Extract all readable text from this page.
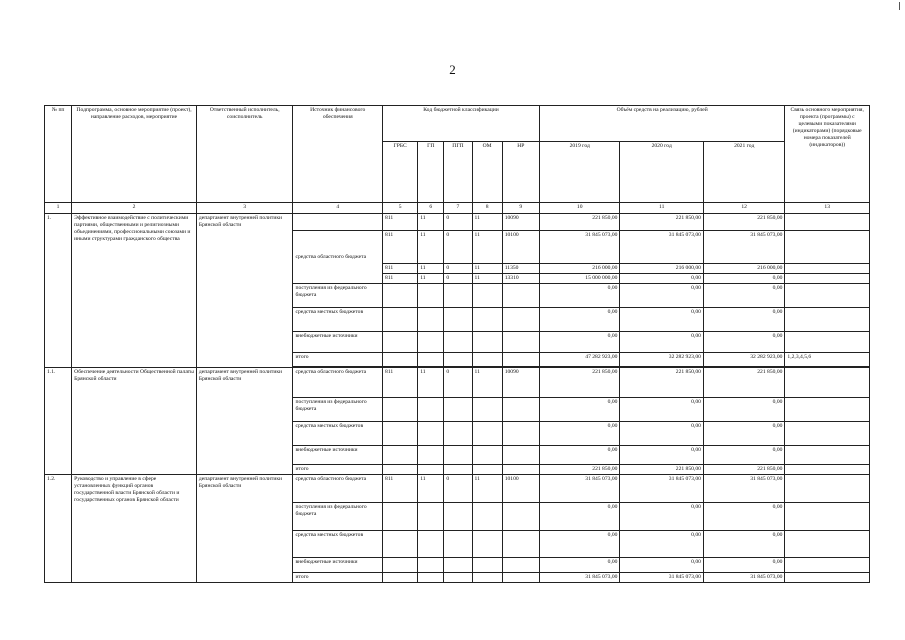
2
№ пп	Подпрограмма, основное мероприятие (проект), направление расходов, мероприятие	Ответственный исполнитель, соисполнитель	Источник финансового обеспечения	Код бюджетной классификации					Объём средств на реализацию, рублей			Связь основного мероприятия, проекта (программы) с целевыми показателями (индикаторами) (порядковые номера показателей (индикаторов))
				ГРБС	ГП	ПГП	ОМ	НР	2019 год	2020 год	2021 год	
1	2	3	4	5	6	7	8	9	10	11	12	13
1.	Эффективное взаимодействие с политическими партиями, общественными и религиозными объединениями, профессиональными союзами и иными структурами гражданского общества	департамент внутренней политики Брянской области		811	11	0	11	10090	221 850,00	221 850,00	221 850,00	
			средства областного бюджета	811	11	0	11	10100	31 845 073,00	31 845 073,00	31 845 073,00	
				811	11	0	11	11350	216 000,00	216 000,00	216 000,00	
				811	11	0	11	13310	15 000 000,00	0,00	0,00	
			поступления из федерального бюджета						0,00	0,00	0,00	
			средства местных бюджетов						0,00	0,00	0,00	
			внебюджетные источники						0,00	0,00	0,00	
			итого						47 282 923,00	32 282 923,00	32 282 923,00	1,2,3,4,5,6

1.1.	Обеспечение деятельности Общественной палаты Брянской области	департамент внутренней политики Брянской области	средства областного бюджета	811	11	0	11	10090	221 850,00	221 850,00	221 850,00	
			поступления из федерального бюджета						0,00	0,00	0,00	
			средства местных бюджетов						0,00	0,00	0,00	
			внебюджетные источники						0,00	0,00	0,00	
			итого						221 850,00	221 850,00	221 850,00	
1.2.	Руководство и управление в сфере установленных функций органов государственной власти Брянской области и государственных органов Брянской области	департамент внутренней политики Брянской области	средства областного бюджета	811	11	0	11	10100	31 845 073,00	31 845 073,00	31 845 073,00	
			поступления из федерального бюджета						0,00	0,00	0,00	
			средства местных бюджетов						0,00	0,00	0,00	
			внебюджетные источники						0,00	0,00	0,00	
			итого						31 845 073,00	31 845 073,00	31 845 073,00	
